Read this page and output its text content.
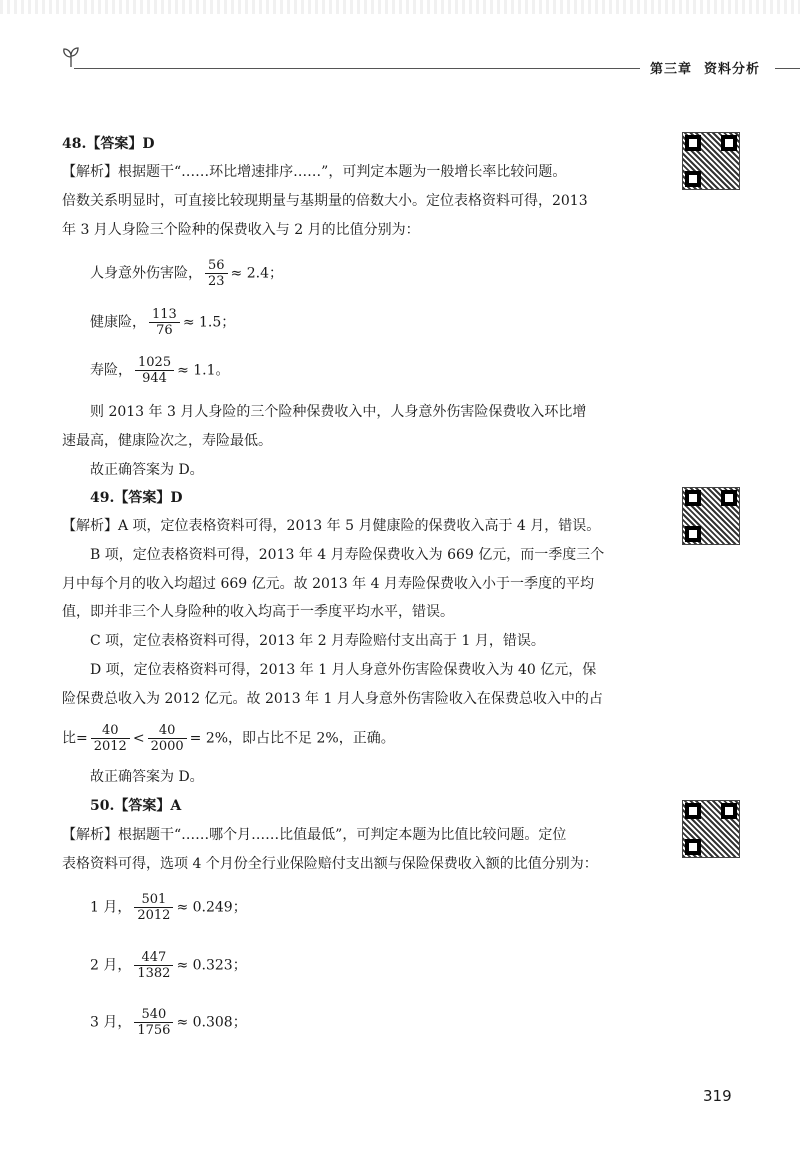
第三章 资料分析
48.【答案】D
【解析】根据题干“……环比增速排序……”，可判定本题为一般增长率比较问题。
倍数关系明显时，可直接比较现期量与基期量的倍数大小。定位表格资料可得，2013
年 3 月人身险三个险种的保费收入与 2 月的比值分别为：
人身意外伤害险， $\frac{56}{23} \approx 2.4$；
健康险， $\frac{113}{76} \approx 1.5$；
寿险， $\frac{1025}{944} \approx 1.1$。
则 2013 年 3 月人身险的三个险种保费收入中，人身意外伤害险保费收入环比增
速最高，健康险次之，寿险最低。
故正确答案为 D。
49.【答案】D
【解析】A 项，定位表格资料可得，2013 年 5 月健康险的保费收入高于 4 月，错误。
B 项，定位表格资料可得，2013 年 4 月寿险保费收入为 669 亿元，而一季度三个
月中每个月的收入均超过 669 亿元。故 2013 年 4 月寿险保费收入小于一季度的平均
值，即并非三个人身险种的收入均高于一季度平均水平，错误。
C 项，定位表格资料可得，2013 年 2 月寿险赔付支出高于 1 月，错误。
D 项，定位表格资料可得，2013 年 1 月人身意外伤害险保费收入为 40 亿元，保
险保费总收入为 2012 亿元。故 2013 年 1 月人身意外伤害险收入在保费总收入中的占
比= $\frac{40}{2012} < \frac{40}{2000} = 2\%$，即占比不足 2%，正确。
故正确答案为 D。
50.【答案】A
【解析】根据题干“……哪个月……比值最低”，可判定本题为比值比较问题。定位
表格资料可得，选项 4 个月份全行业保险赔付支出额与保险保费收入额的比值分别为：
1 月， $\frac{501}{2012} \approx 0.249$；
2 月， $\frac{447}{1382} \approx 0.323$；
3 月， $\frac{540}{1756} \approx 0.308$；
319
